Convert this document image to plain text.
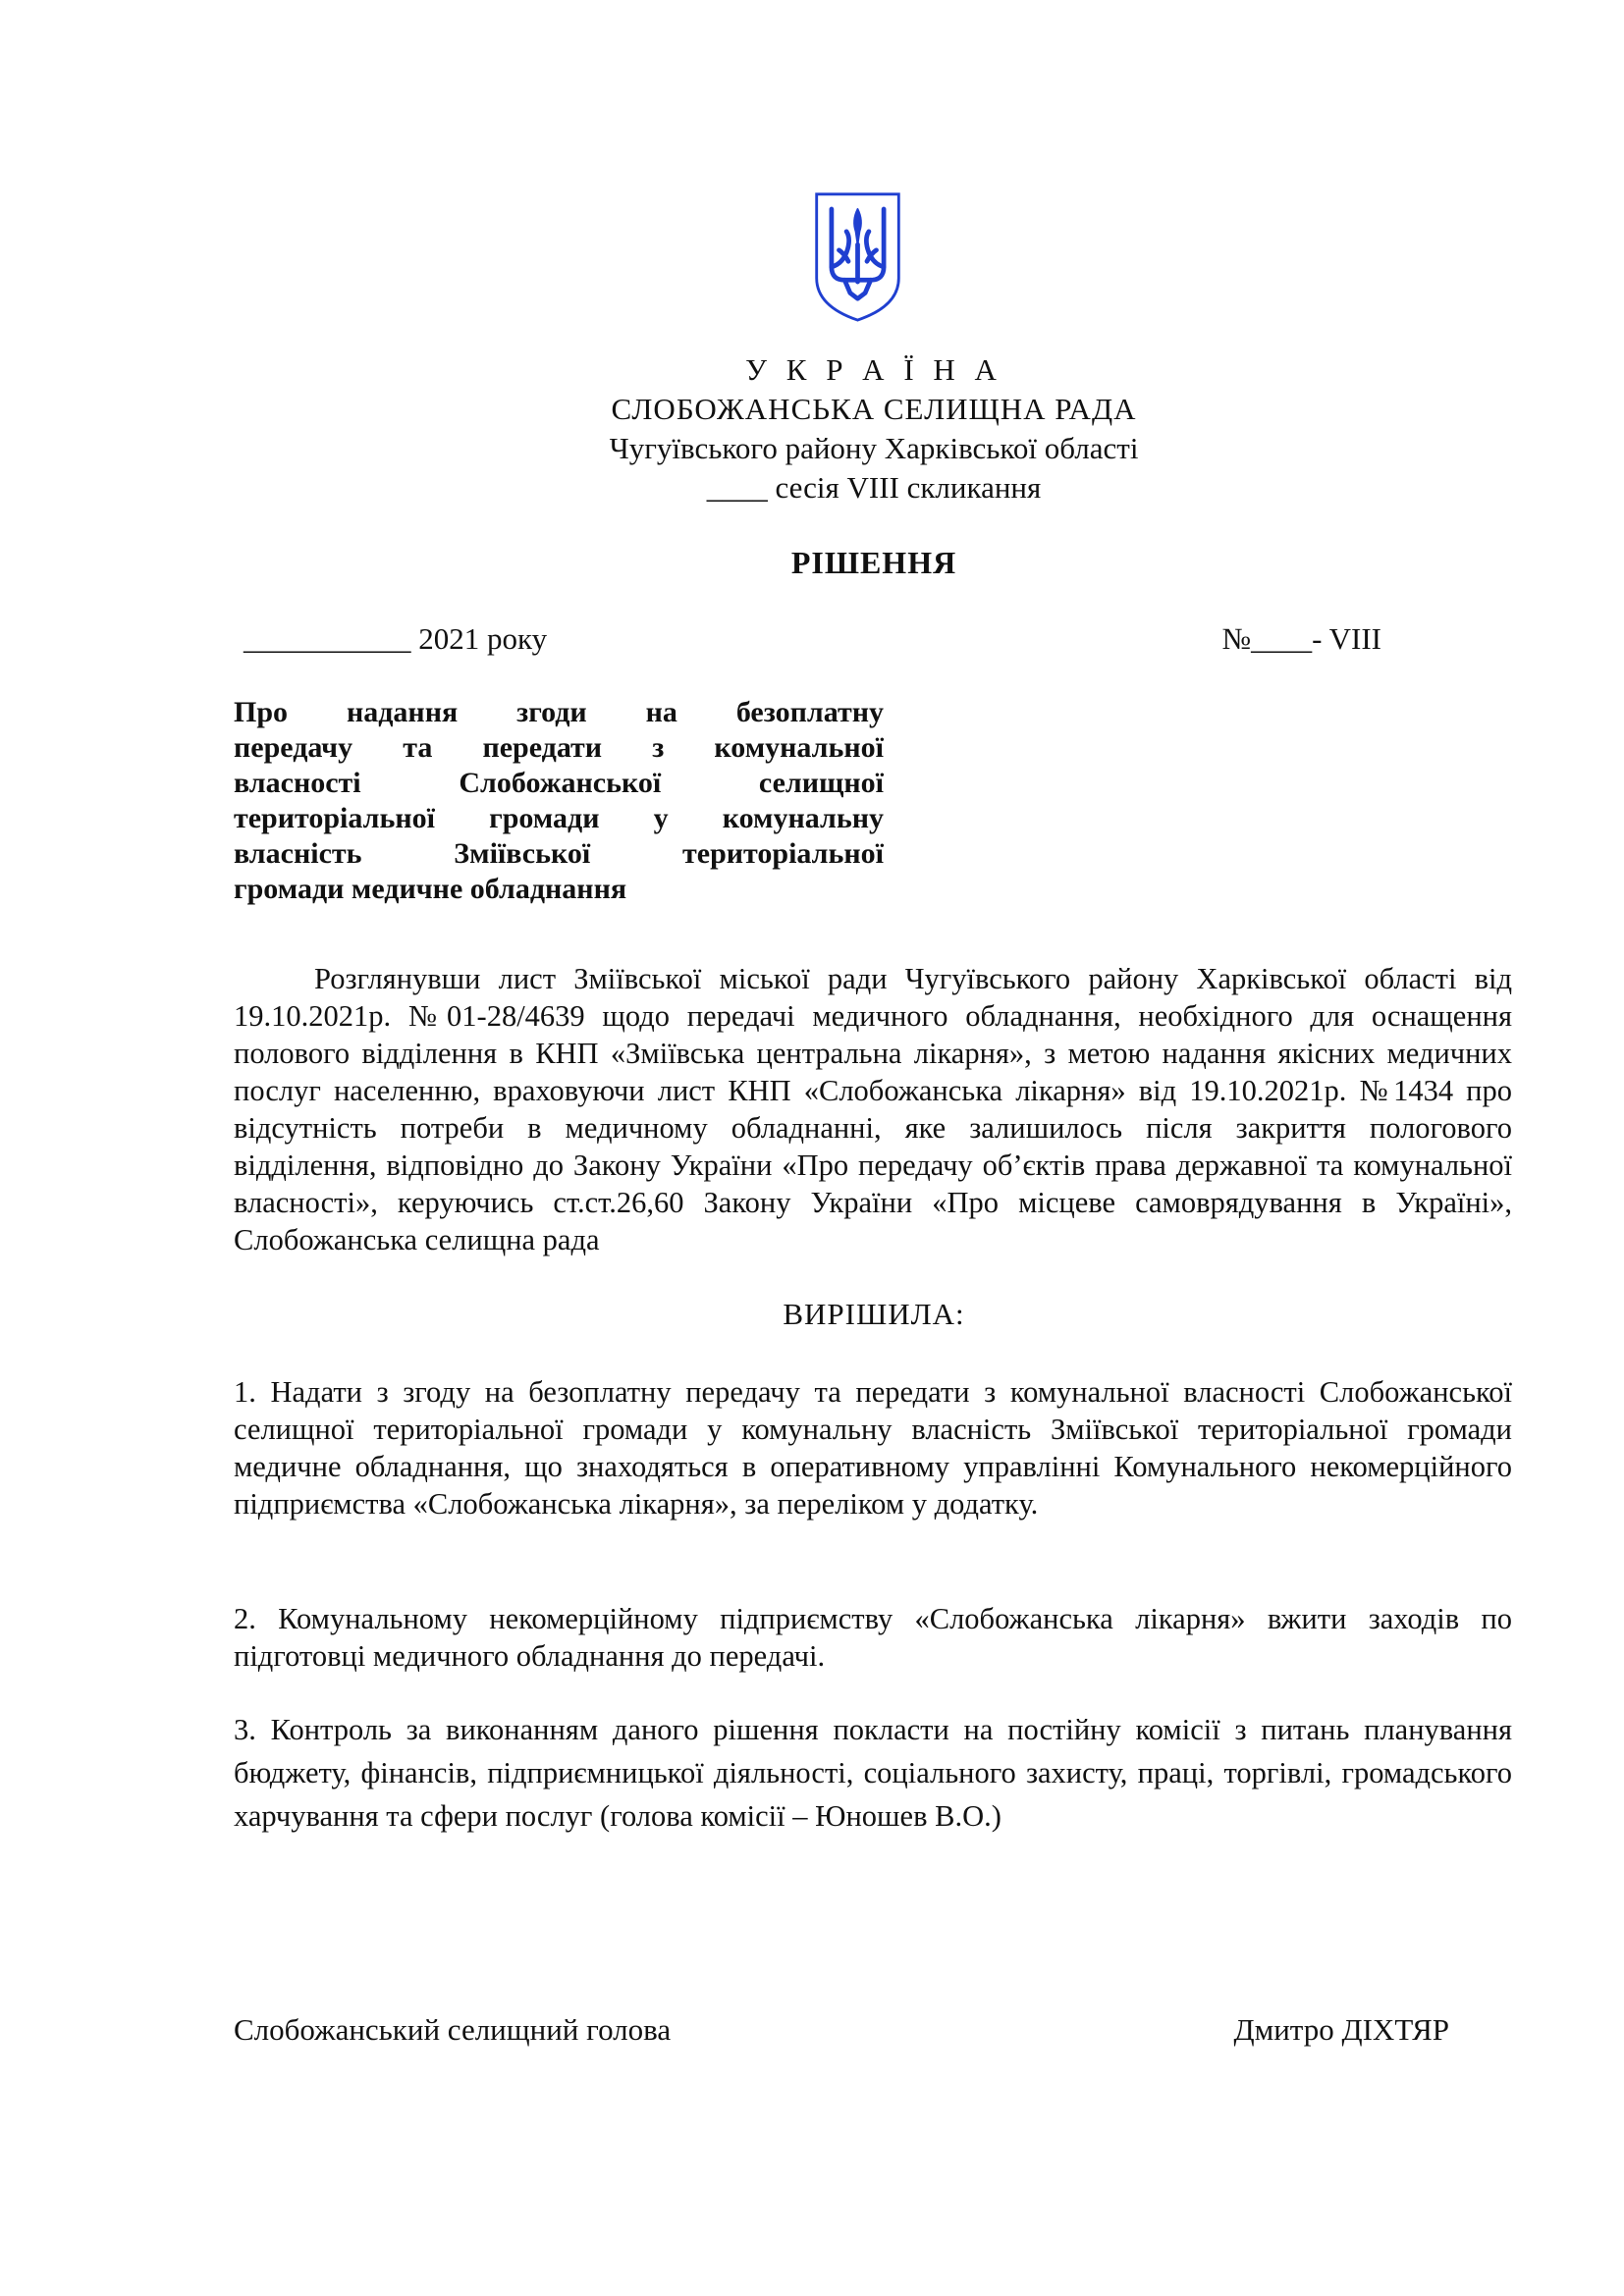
У К Р А Ї Н А
СЛОБОЖАНСЬКА СЕЛИЩНА РАДА
Чугуївського району Харківської області
____ сесія VIII скликання
РІШЕННЯ
___________ 2021 року	№____- VIII
Про надання згоди на безоплатну
передачу та передати з комунальної
власності Слобожанської селищної
територіальної громади у комунальну
власність Зміївської територіальної
громади медичне обладнання
Розглянувши лист Зміївської міської ради Чугуївського району Харківської області від 19.10.2021р. №01-28/4639 щодо передачі медичного обладнання, необхідного для оснащення полового відділення в КНП «Зміївська центральна лікарня», з метою надання якісних медичних послуг населенню, враховуючи лист КНП «Слобожанська лікарня» від 19.10.2021р. №1434 про відсутність потреби в медичному обладнанні, яке залишилось після закриття пологового відділення, відповідно до Закону України «Про передачу об’єктів права державної та комунальної власності», керуючись ст.ст.26,60 Закону України «Про місцеве самоврядування в Україні», Слобожанська селищна рада
ВИРІШИЛА:
1. Надати з згоду на безоплатну передачу та передати з комунальної власності Слобожанської селищної територіальної громади у комунальну власність Зміївської територіальної громади медичне обладнання, що знаходяться в оперативному управлінні Комунального некомерційного підприємства «Слобожанська лікарня», за переліком у додатку.
2. Комунальному некомерційному підприємству «Слобожанська лікарня» вжити заходів по підготовці медичного обладнання до передачі.
3. Контроль за виконанням даного рішення покласти на постійну комісії з питань планування бюджету, фінансів, підприємницької діяльності, соціального захисту, праці, торгівлі, громадського харчування та сфери послуг (голова комісії – Юношев В.О.)
Слобожанський селищний голова	Дмитро ДІХТЯР
